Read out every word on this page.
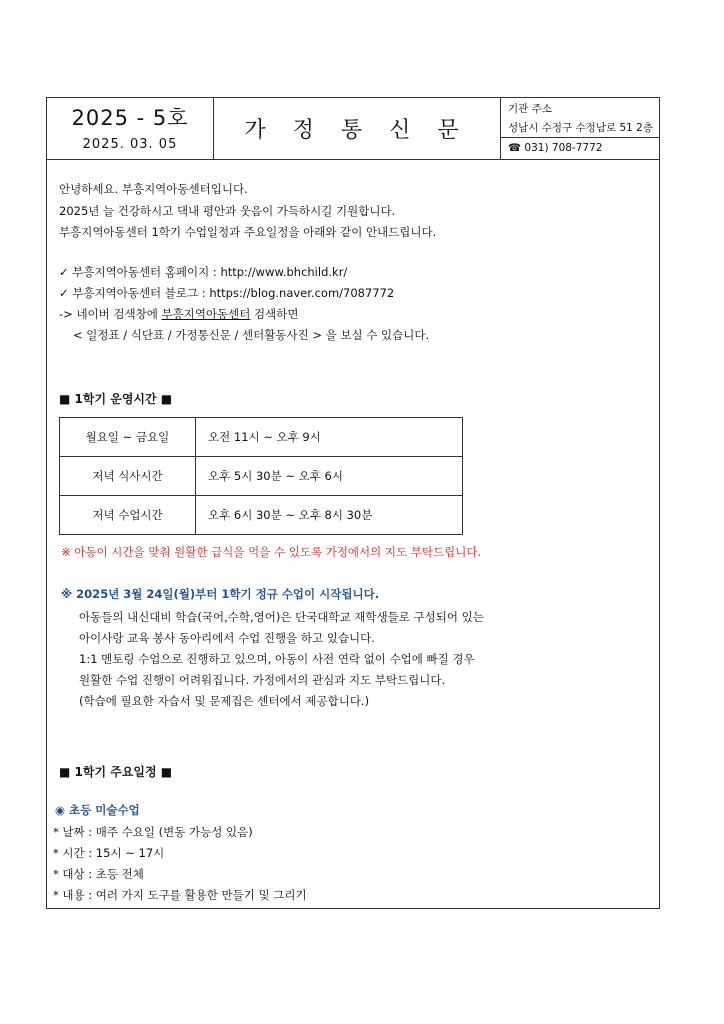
2025 - 5호
2025. 03. 05
가 정 통 신 문
기관 주소
성남시 수정구 수정남로 51 2층
☎ 031) 708-7772
안녕하세요. 부흥지역아동센터입니다.
2025년 늘 건강하시고 댁내 평안과 웃음이 가득하시길 기원합니다.
부흥지역아동센터 1학기 수업일정과 주요일정을 아래와 같이 안내드립니다.
✓ 부흥지역아동센터 홈페이지 : http://www.bhchild.kr/
✓ 부흥지역아동센터 블로그 : https://blog.naver.com/7087772
-> 네이버 검색창에 부흥지역아동센터 검색하면
< 일정표 / 식단표 / 가정통신문 / 센터활동사진 > 을 보실 수 있습니다.
■ 1학기 운영시간 ■
월요일 ~ 금요일	오전 11시 ~ 오후 9시
저녁 식사시간	오후 5시 30분 ~ 오후 6시
저녁 수업시간	오후 6시 30분 ~ 오후 8시 30분
※ 아동이 시간을 맞춰 원활한 급식을 먹을 수 있도록 가정에서의 지도 부탁드립니다.
※ 2025년 3월 24일(월)부터 1학기 정규 수업이 시작됩니다.
아동들의 내신대비 학습(국어,수학,영어)은 단국대학교 재학생들로 구성되어 있는
아이사랑 교육 봉사 동아리에서 수업 진행을 하고 있습니다.
1:1 멘토링 수업으로 진행하고 있으며, 아동이 사전 연락 없이 수업에 빠질 경우
원활한 수업 진행이 어려워집니다. 가정에서의 관심과 지도 부탁드립니다.
(학습에 필요한 자습서 및 문제집은 센터에서 제공합니다.)
■ 1학기 주요일정 ■
◉ 초등 미술수업
* 날짜 : 매주 수요일 (변동 가능성 있음)
* 시간 : 15시 ~ 17시
* 대상 : 초등 전체
* 내용 : 여러 가지 도구를 활용한 만들기 및 그리기
